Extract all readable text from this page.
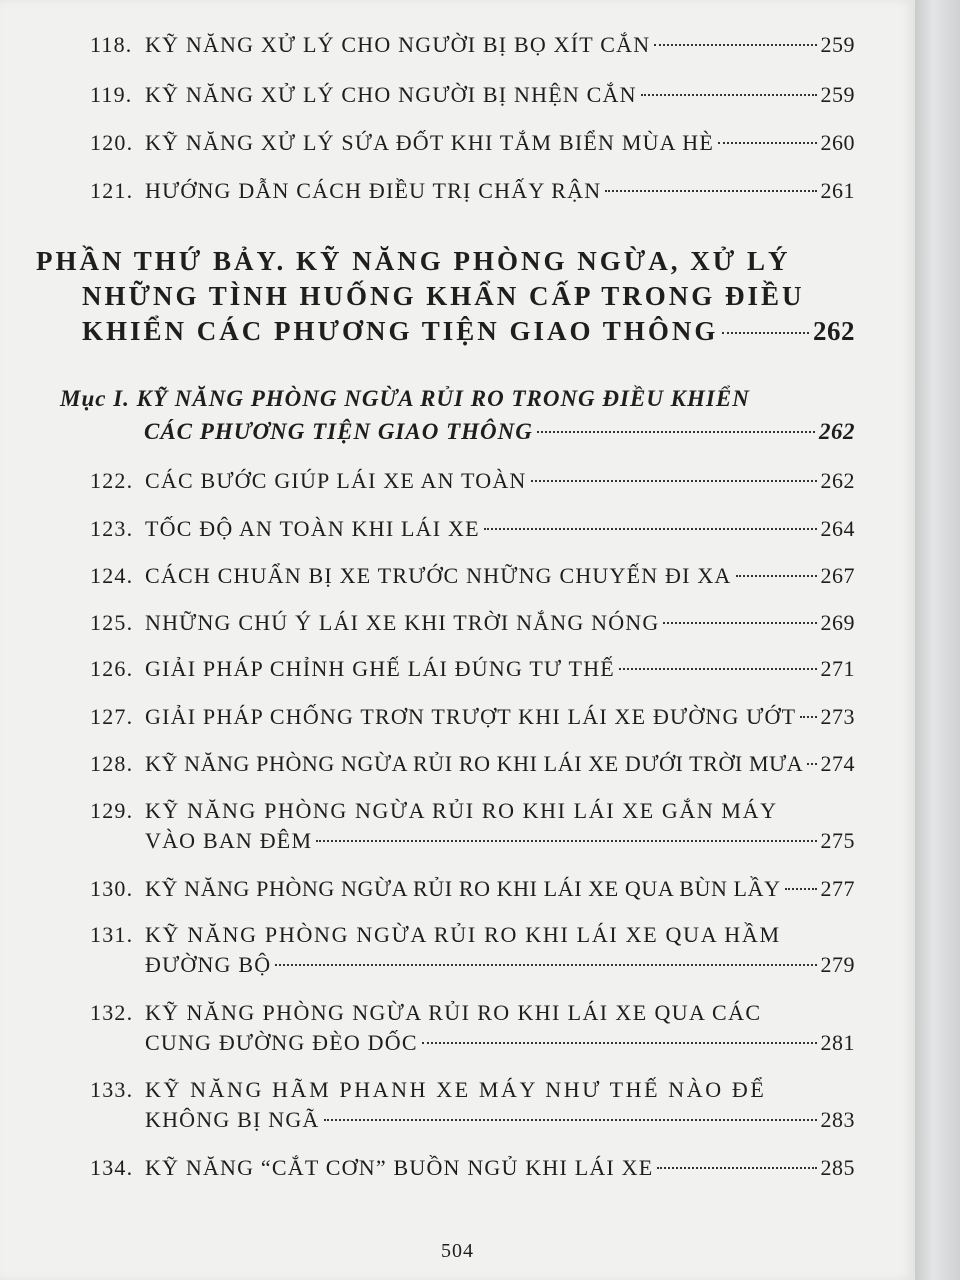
118. KỸ NĂNG XỬ LÝ CHO NGƯỜI BỊ BỌ XÍT CẮN	259
119. KỸ NĂNG XỬ LÝ CHO NGƯỜI BỊ NHỆN CẮN	259
120. KỸ NĂNG XỬ LÝ SỨA ĐỐT KHI TẮM BIỂN MÙA HÈ	260
121. HƯỚNG DẪN CÁCH ĐIỀU TRỊ CHẤY RẬN	261
PHẦN THỨ BẢY. KỸ NĂNG PHÒNG NGỪA, XỬ LÝ
NHỮNG TÌNH HUỐNG KHẨN CẤP TRONG ĐIỀU
KHIỂN CÁC PHƯƠNG TIỆN GIAO THÔNG	262
Mục I. KỸ NĂNG PHÒNG NGỪA RỦI RO TRONG ĐIỀU KHIỂN
CÁC PHƯƠNG TIỆN GIAO THÔNG	262
122. CÁC BƯỚC GIÚP LÁI XE AN TOÀN	262
123. TỐC ĐỘ AN TOÀN KHI LÁI XE	264
124. CÁCH CHUẨN BỊ XE TRƯỚC NHỮNG CHUYẾN ĐI XA	267
125. NHỮNG CHÚ Ý LÁI XE KHI TRỜI NẮNG NÓNG	269
126. GIẢI PHÁP CHỈNH GHẾ LÁI ĐÚNG TƯ THẾ	271
127. GIẢI PHÁP CHỐNG TRƠN TRƯỢT KHI LÁI XE ĐƯỜNG ƯỚT 273
128. KỸ NĂNG PHÒNG NGỪA RỦI RO KHI LÁI XE DƯỚI TRỜI MƯA 274
129. KỸ NĂNG PHÒNG NGỪA RỦI RO KHI LÁI XE GẮN MÁY
VÀO BAN ĐÊM	275
130. KỸ NĂNG PHÒNG NGỪA RỦI RO KHI LÁI XE QUA BÙN LẦY 277
131. KỸ NĂNG PHÒNG NGỪA RỦI RO KHI LÁI XE QUA HẦM
ĐƯỜNG BỘ	279
132. KỸ NĂNG PHÒNG NGỪA RỦI RO KHI LÁI XE QUA CÁC
CUNG ĐƯỜNG ĐÈO DỐC	281
133. KỸ NĂNG HÃM PHANH XE MÁY NHƯ THẾ NÀO ĐỂ
KHÔNG BỊ NGÃ	283
134. KỸ NĂNG “CẮT CƠN” BUỒN NGỦ KHI LÁI XE	285
504
